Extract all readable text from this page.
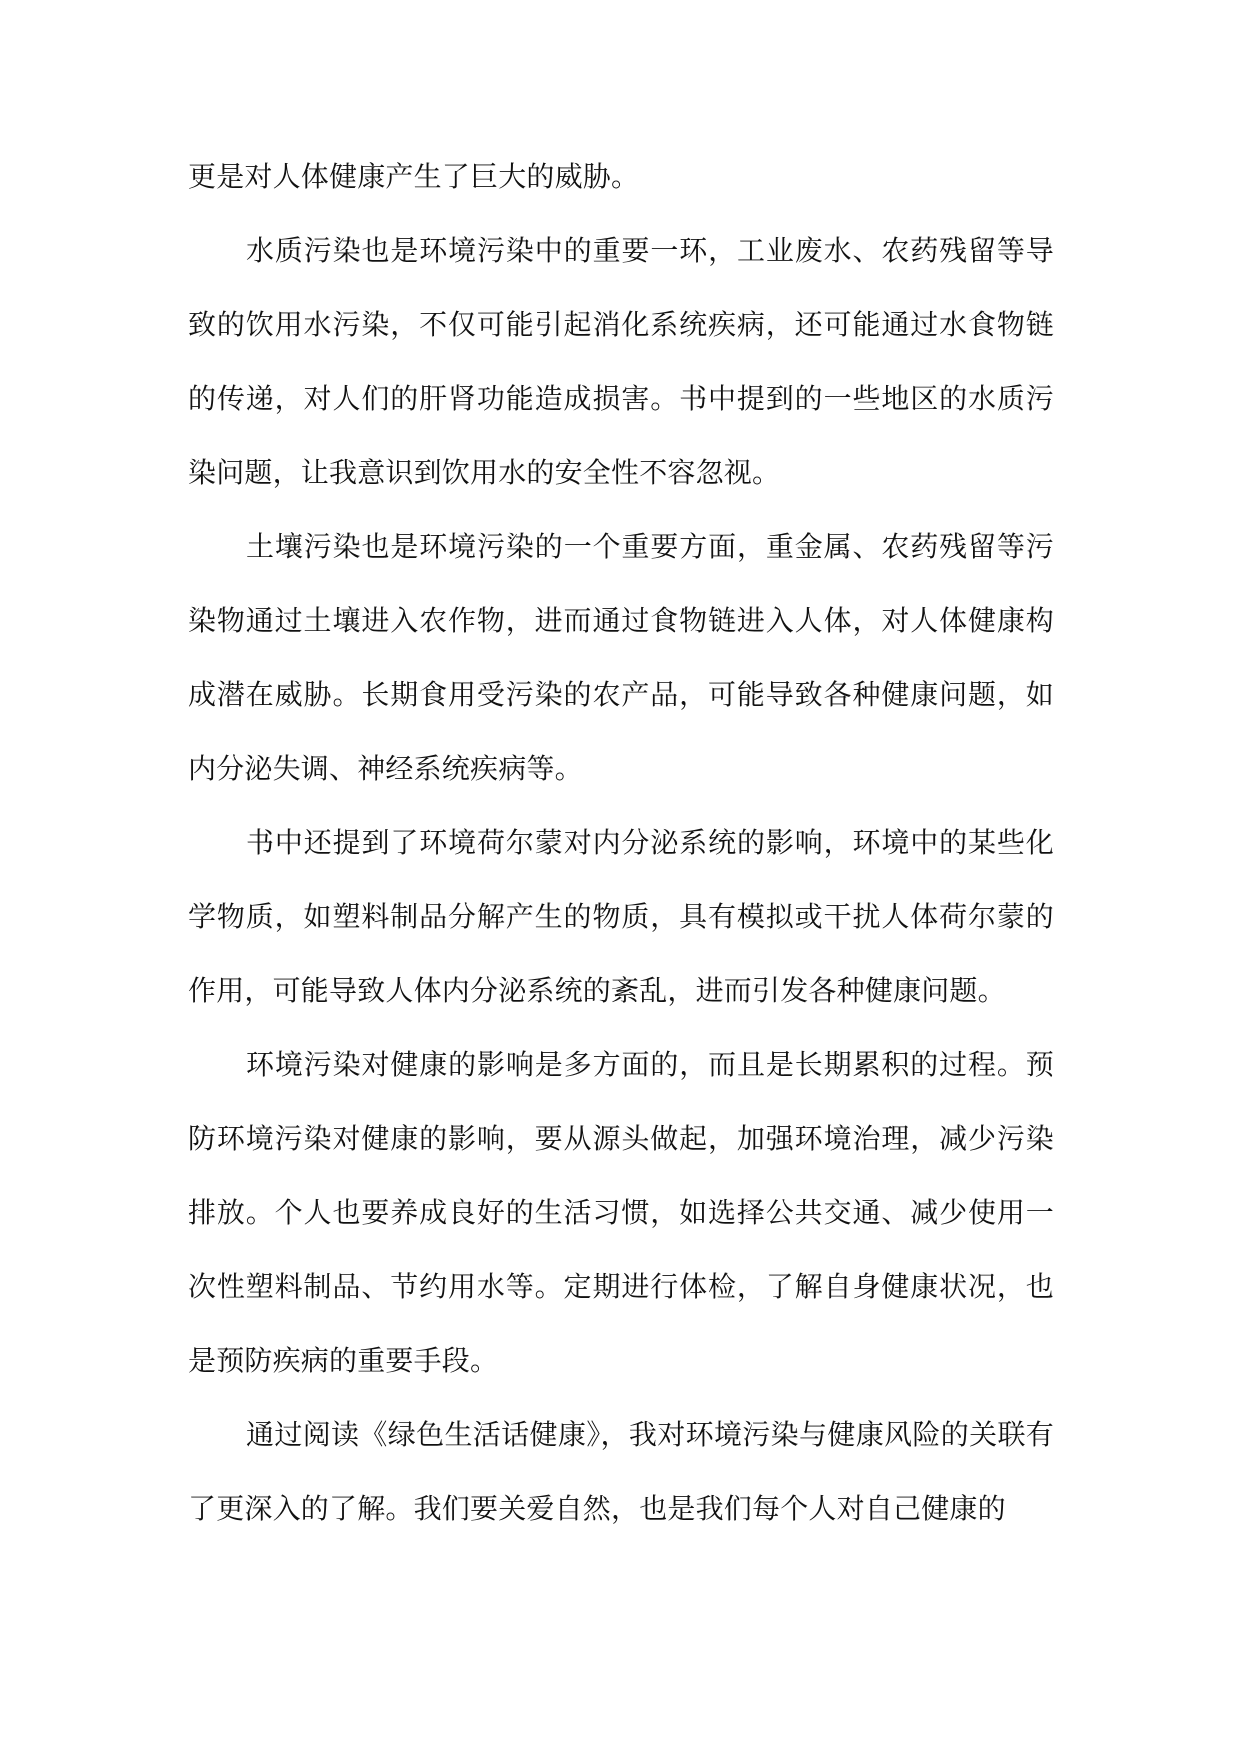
更是对人体健康产生了巨大的威胁。

水质污染也是环境污染中的重要一环，工业废水、农药残留等导致的饮用水污染，不仅可能引起消化系统疾病，还可能通过水食物链的传递，对人们的肝肾功能造成损害。书中提到的一些地区的水质污染问题，让我意识到饮用水的安全性不容忽视。

土壤污染也是环境污染的一个重要方面，重金属、农药残留等污染物通过土壤进入农作物，进而通过食物链进入人体，对人体健康构成潜在威胁。长期食用受污染的农产品，可能导致各种健康问题，如内分泌失调、神经系统疾病等。

书中还提到了环境荷尔蒙对内分泌系统的影响，环境中的某些化学物质，如塑料制品分解产生的物质，具有模拟或干扰人体荷尔蒙的作用，可能导致人体内分泌系统的紊乱，进而引发各种健康问题。

环境污染对健康的影响是多方面的，而且是长期累积的过程。预防环境污染对健康的影响，要从源头做起，加强环境治理，减少污染排放。个人也要养成良好的生活习惯，如选择公共交通、减少使用一次性塑料制品、节约用水等。定期进行体检，了解自身健康状况，也是预防疾病的重要手段。

通过阅读《绿色生活话健康》，我对环境污染与健康风险的关联有了更深入的了解。我们要关爱自然，也是我们每个人对自己健康的
